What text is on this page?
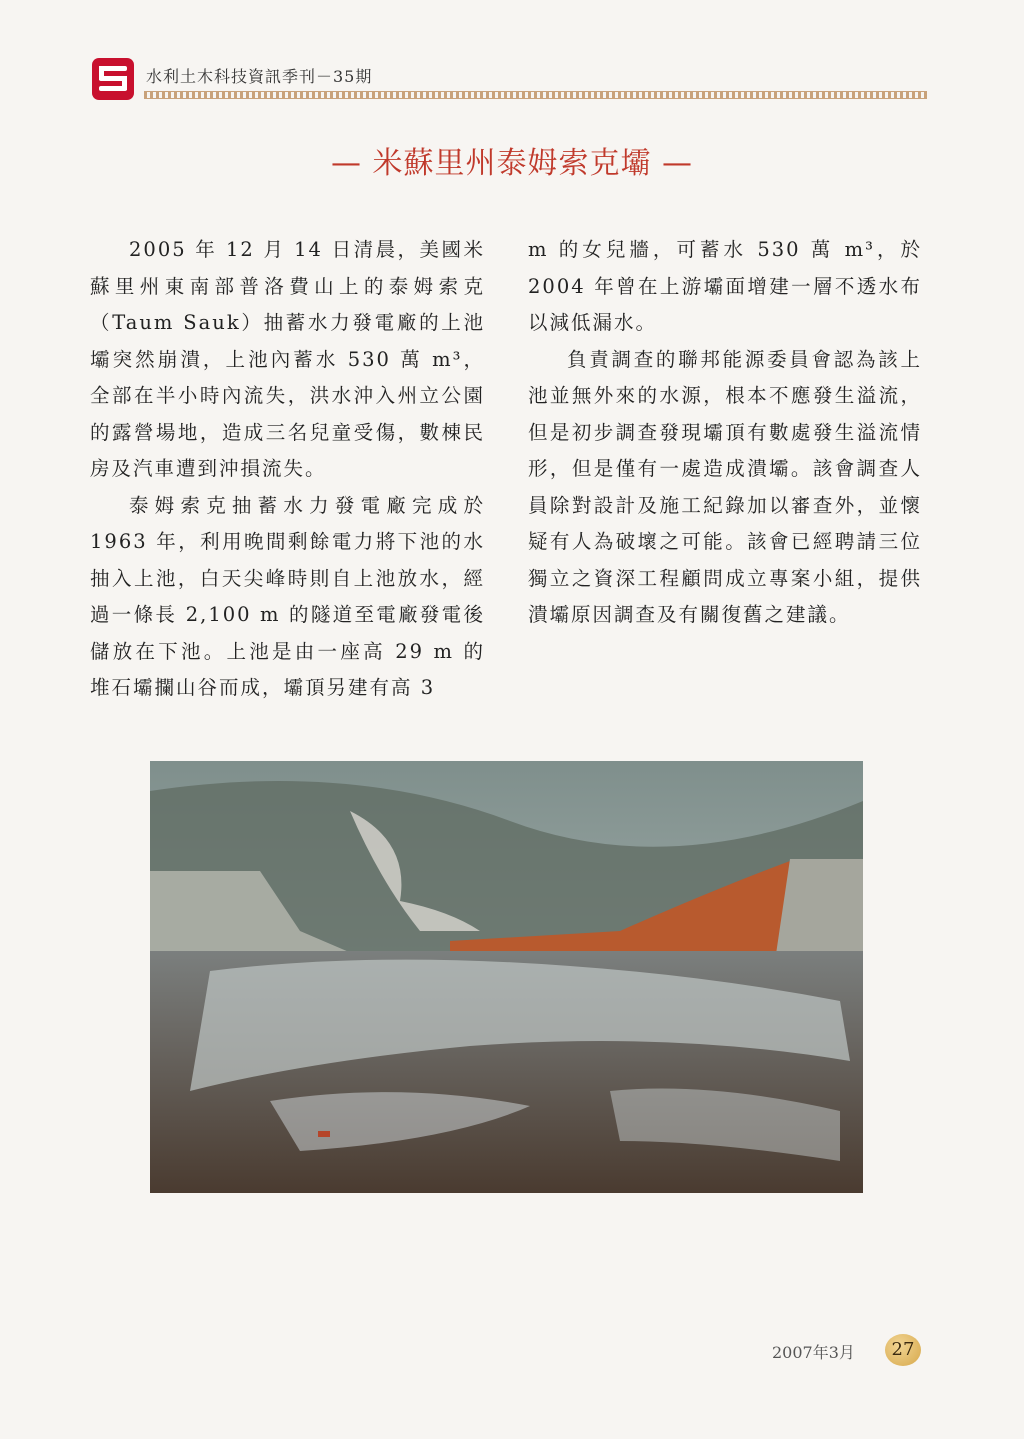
水利土木科技資訊季刊－35期
— 米蘇里州泰姆索克壩 —

2005 年 12 月 14 日清晨，美國米蘇里州東南部普洛費山上的泰姆索克（Taum Sauk）抽蓄水力發電廠的上池壩突然崩潰，上池內蓄水 530 萬 m³，全部在半小時內流失，洪水沖入州立公園的露營場地，造成三名兒童受傷，數棟民房及汽車遭到沖損流失。

泰姆索克抽蓄水力發電廠完成於 1963 年，利用晚間剩餘電力將下池的水抽入上池，白天尖峰時則自上池放水，經過一條長 2,100 m 的隧道至電廠發電後儲放在下池。上池是由一座高 29 m 的堆石壩攔山谷而成，壩頂另建有高 3

m 的女兒牆，可蓄水 530 萬 m³，於 2004 年曾在上游壩面增建一層不透水布以減低漏水。

負責調查的聯邦能源委員會認為該上池並無外來的水源，根本不應發生溢流，但是初步調查發現壩頂有數處發生溢流情形，但是僅有一處造成潰壩。該會調查人員除對設計及施工紀錄加以審查外，並懷疑有人為破壞之可能。該會已經聘請三位獨立之資深工程顧問成立專案小組，提供潰壩原因調查及有關復舊之建議。

2007年3月	27
